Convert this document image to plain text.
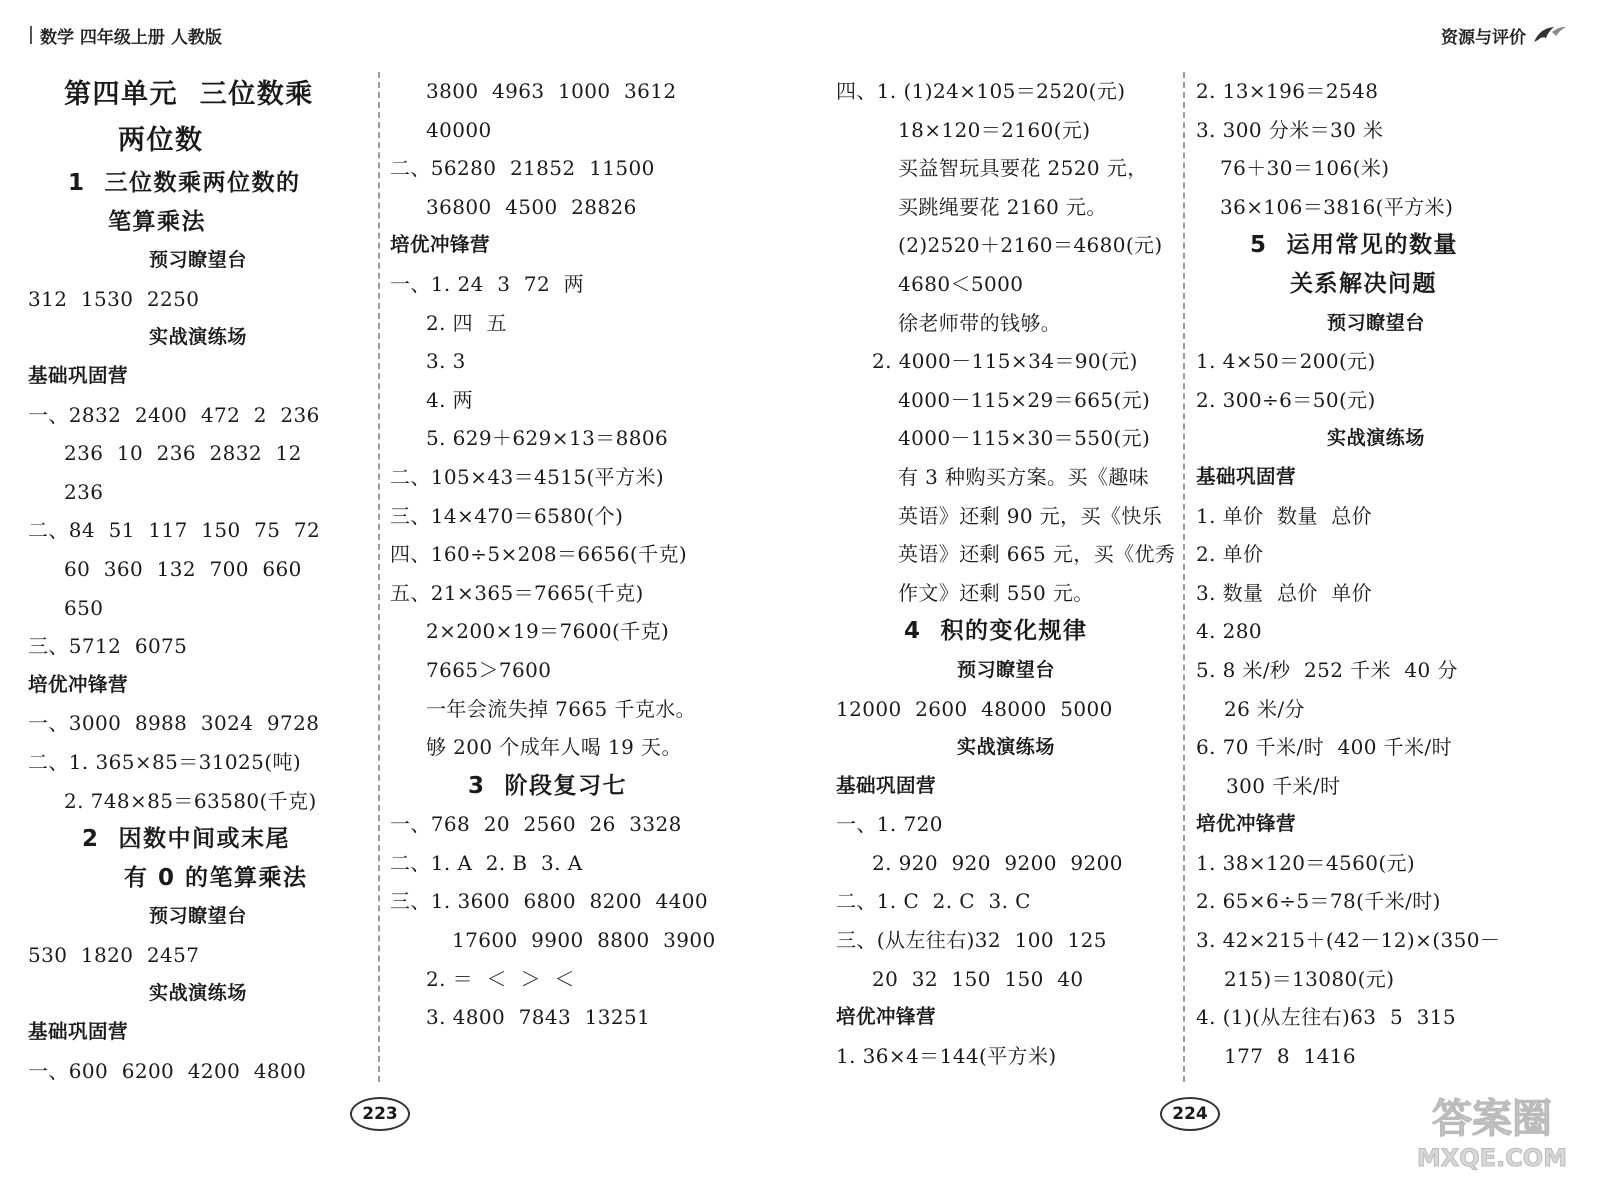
数学 四年级上册 人教版	资源与评价
第四单元  三位数乘
两位数
1  三位数乘两位数的
笔算乘法
预习瞭望台
312  1530  2250
实战演练场
基础巩固营
一、2832  2400  472  2  236
236  10  236  2832  12
236
二、84  51  117  150  75  72
60  360  132  700  660
650
三、5712  6075
培优冲锋营
一、3000  8988  3024  9728
二、1. 365×85＝31025(吨)
2. 748×85＝63580(千克)
2  因数中间或末尾
有 0 的笔算乘法
预习瞭望台
530  1820  2457
实战演练场
基础巩固营
一、600  6200  4200  4800
3800  4963  1000  3612
40000
二、56280  21852  11500
36800  4500  28826
培优冲锋营
一、1. 24  3  72  两
2. 四  五
3. 3
4. 两
5. 629＋629×13＝8806
二、105×43＝4515(平方米)
三、14×470＝6580(个)
四、160÷5×208＝6656(千克)
五、21×365＝7665(千克)
2×200×19＝7600(千克)
7665＞7600
一年会流失掉 7665 千克水。
够 200 个成年人喝 19 天。
3  阶段复习七
一、768  20  2560  26  3328
二、1. A  2. B  3. A
三、1. 3600  6800  8200  4400
17600  9900  8800  3900
2. ＝  ＜  ＞  ＜
3. 4800  7843  13251
四、1. (1)24×105＝2520(元)
18×120＝2160(元)
买益智玩具要花 2520 元，
买跳绳要花 2160 元。
(2)2520＋2160＝4680(元)
4680＜5000
徐老师带的钱够。
2. 4000－115×34＝90(元)
4000－115×29＝665(元)
4000－115×30＝550(元)
有 3 种购买方案。买《趣味
英语》还剩 90 元，买《快乐
英语》还剩 665 元，买《优秀
作文》还剩 550 元。
4  积的变化规律
预习瞭望台
12000  2600  48000  5000
实战演练场
基础巩固营
一、1. 720
2. 920  920  9200  9200
二、1. C  2. C  3. C
三、(从左往右)32  100  125
20  32  150  150  40
培优冲锋营
1. 36×4＝144(平方米)
2. 13×196＝2548
3. 300 分米＝30 米
76＋30＝106(米)
36×106＝3816(平方米)
5  运用常见的数量
关系解决问题
预习瞭望台
1. 4×50＝200(元)
2. 300÷6＝50(元)
实战演练场
基础巩固营
1. 单价  数量  总价
2. 单价
3. 数量  总价  单价
4. 280
5. 8 米/秒  252 千米  40 分
26 米/分
6. 70 千米/时  400 千米/时
300 千米/时
培优冲锋营
1. 38×120＝4560(元)
2. 65×6÷5＝78(千米/时)
3. 42×215＋(42－12)×(350－
215)＝13080(元)
4. (1)(从左往右)63  5  315
177  8  1416
223	224	答案圈
MXQE.COM
